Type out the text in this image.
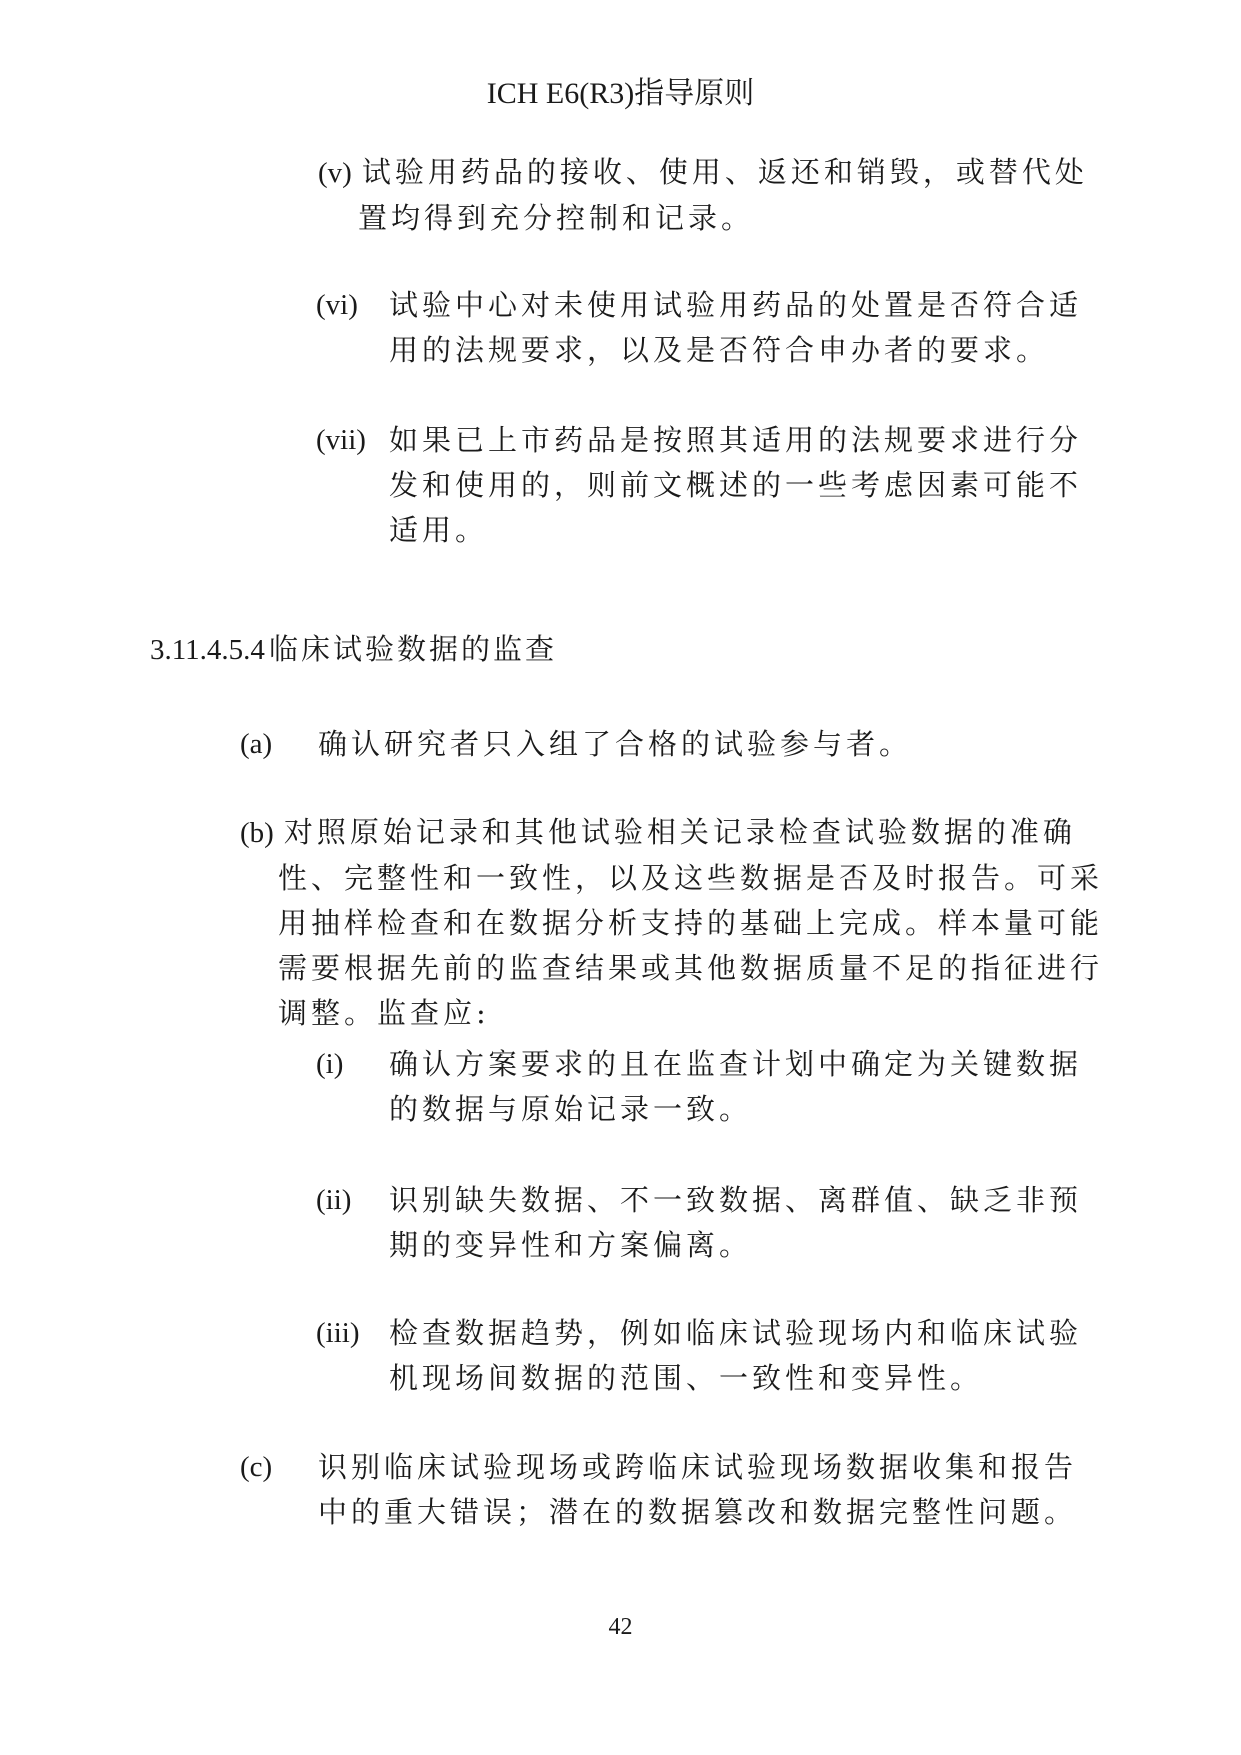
ICH E6(R3)指导原则

(v) 试验用药品的接收、使用、返还和销毁，或替代处置均得到充分控制和记录。

(vi) 试验中心对未使用试验用药品的处置是否符合适用的法规要求，以及是否符合申办者的要求。

(vii) 如果已上市药品是按照其适用的法规要求进行分发和使用的，则前文概述的一些考虑因素可能不适用。

3.11.4.5.4 临床试验数据的监查

(a) 确认研究者只入组了合格的试验参与者。

(b) 对照原始记录和其他试验相关记录检查试验数据的准确性、完整性和一致性，以及这些数据是否及时报告。可采用抽样检查和在数据分析支持的基础上完成。样本量可能需要根据先前的监查结果或其他数据质量不足的指征进行调整。监查应:

(i) 确认方案要求的且在监查计划中确定为关键数据的数据与原始记录一致。

(ii) 识别缺失数据、不一致数据、离群值、缺乏非预期的变异性和方案偏离。

(iii) 检查数据趋势，例如临床试验现场内和临床试验机现场间数据的范围、一致性和变异性。

(c) 识别临床试验现场或跨临床试验现场数据收集和报告中的重大错误；潜在的数据篡改和数据完整性问题。

42
